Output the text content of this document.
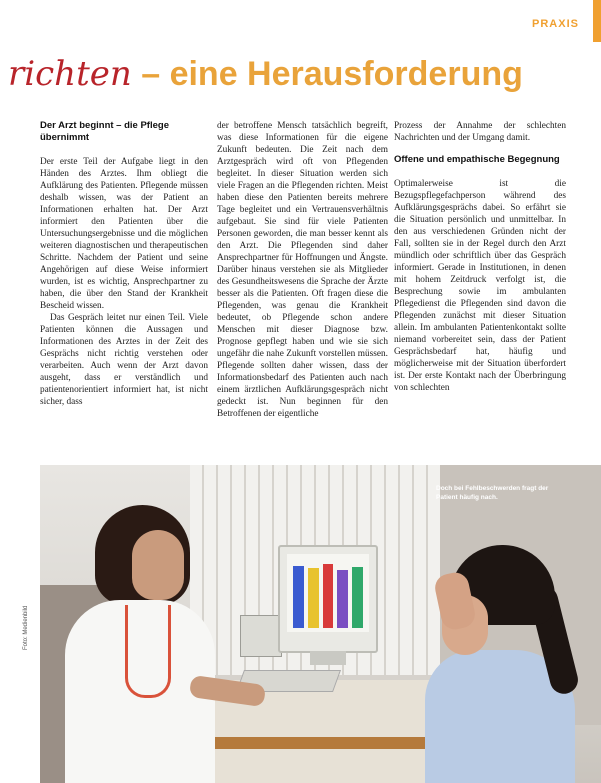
PRAXIS
richten – eine Herausforderung
Der Arzt beginnt – die Pflege übernimmt

Der erste Teil der Aufgabe liegt in den Händen des Arztes. Ihm obliegt die Aufklärung des Patienten. Pflegende müssen deshalb wissen, was der Patient an Informationen erhalten hat. Der Arzt informiert den Patienten über die Untersuchungsergebnisse und die möglichen weiteren diagnostischen und therapeutischen Schritte. Nachdem der Patient und seine Angehörigen auf diese Weise informiert wurden, ist es wichtig, Ansprechpartner zu haben, die über den Stand der Krankheit Bescheid wissen.

Das Gespräch leitet nur einen Teil. Viele Patienten können die Aussagen und Informationen des Arztes in der Zeit des Gesprächs nicht richtig verstehen oder verarbeiten. Auch wenn der Arzt davon ausgeht, dass er verständlich und patientenorientiert informiert hat, ist nicht sicher, dass

der betroffene Mensch tatsächlich begreift, was diese Informationen für die eigene Zukunft bedeuten. Die Zeit nach dem Arztgespräch wird oft von Pflegenden begleitet. In dieser Situation werden sich viele Fragen an die Pflegenden richten. Meist haben diese den Patienten bereits mehrere Tage begleitet und ein Vertrauensverhältnis aufgebaut. Sie sind für viele Patienten Personen geworden, die man besser kennt als den Arzt. Die Pflegenden sind daher Ansprechpartner für Hoffnungen und Ängste. Darüber hinaus verstehen sie als Mitglieder des Gesundheitswesens die Sprache der Ärzte besser als die Patienten. Oft fragen diese die Pflegenden, was genau die Krankheit bedeutet, ob Pflegende schon andere Menschen mit dieser Diagnose bzw. Prognose gepflegt haben und wie sie sich ungefähr die nahe Zukunft vorstellen müssen. Pflegende sollten daher wissen, dass der Informationsbedarf des Patienten auch nach einem ärztlichen Aufklärungsgespräch nicht gedeckt ist. Nun beginnen für den Betroffenen der eigentliche

Prozess der Annahme der schlechten Nachrichten und der Umgang damit.

Offene und empathische Begegnung

Optimalerweise ist die Bezugspflegefachperson während des Aufklärungsgesprächs dabei. So erfährt sie die Situation persönlich und unmittelbar. In den aus verschiedenen Gründen nicht der Fall, sollten sie in der Regel durch den Arzt mündlich oder schriftlich über das Gespräch informiert. Gerade in Institutionen, in denen mit hohem Zeitdruck verfolgt ist, die Besprechung sowie im ambulanten Pflegedienst die Pflegenden sind davon die Pflegenden zunächst mit dieser Situation allein. Im ambulanten Patientenkontakt sollte niemand vorbereitet sein, dass der Patient Gesprächsbedarf hat, häufig und möglicherweise mit der Situation überfordert ist. Der erste Kontakt nach der Überbringung von schlechten

Doch bei Fehlbeschwerden fragt der Patient häufig nach.
Foto: Medienbild
